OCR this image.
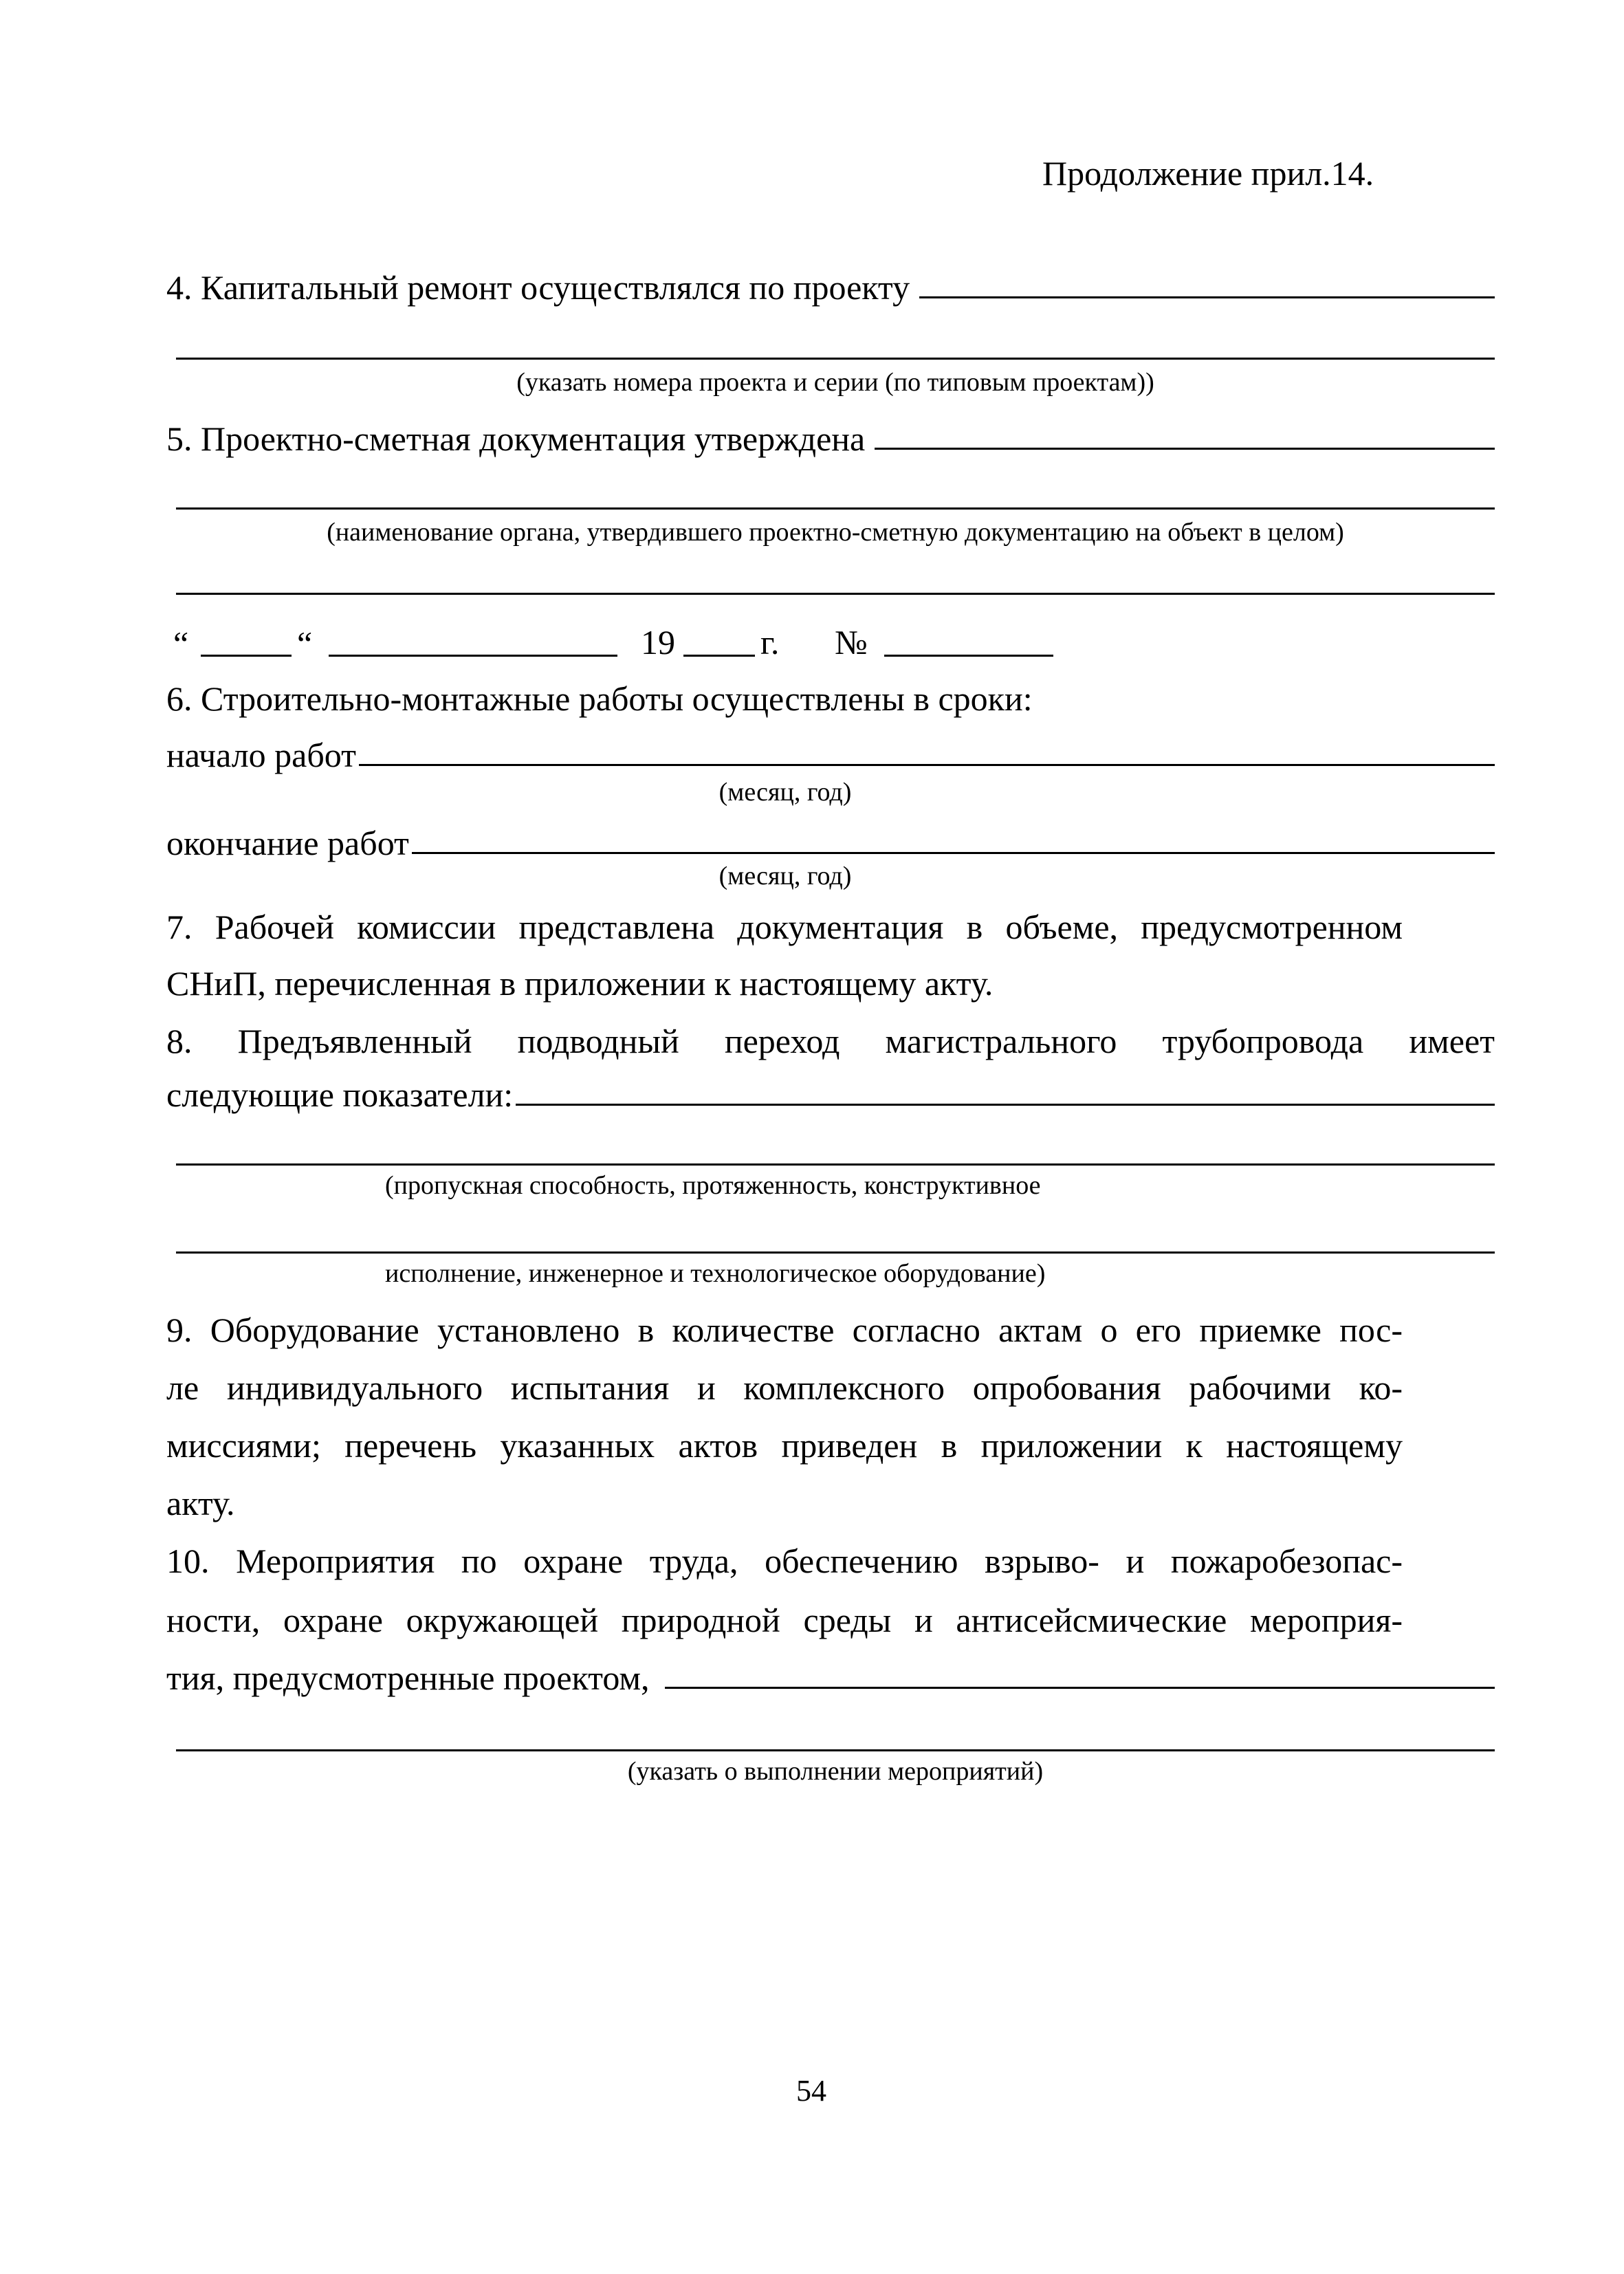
Продолжение прил.14.
4. Капитальный ремонт осуществлялся по проекту
(указать номера проекта и серии (по типовым проектам))
5. Проектно-сметная документация утверждена
(наименование органа, утвердившего проектно-сметную документацию на объект в целом)
“	“	19 г. №
6. Строительно-монтажные работы осуществлены в сроки:
начало работ
(месяц, год)
окончание работ
(месяц, год)
7. Рабочей комиссии представлена документация в объеме, предусмотренном
СНиП, перечисленная в приложении к настоящему акту.
8. Предъявленный подводный переход магистрального трубопровода имеет
следующие показатели:
(пропускная способность, протяженность, конструктивное
исполнение, инженерное и технологическое оборудование)
9. Оборудование установлено в количестве согласно актам о его приемке пос-
ле индивидуального испытания и комплексного опробования рабочими ко-
миссиями; перечень указанных актов приведен в приложении к настоящему
акту.
10. Мероприятия по охране труда, обеспечению взрыво- и пожаробезопас-
ности, охране окружающей природной среды и антисейсмические мероприя-
тия, предусмотренные проектом,
(указать о выполнении мероприятий)
54
